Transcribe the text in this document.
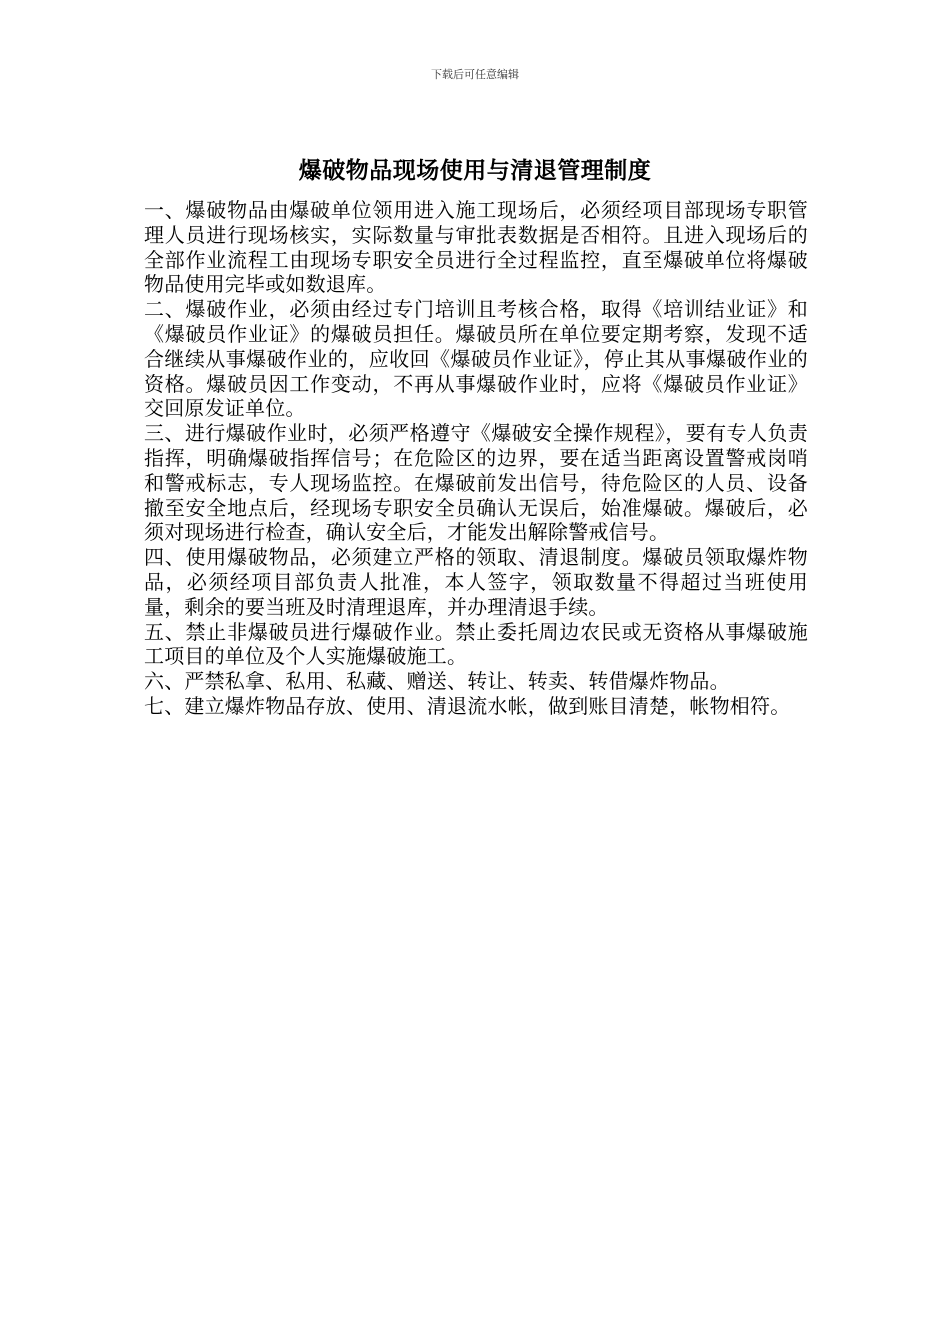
下载后可任意编辑
爆破物品现场使用与清退管理制度

一、爆破物品由爆破单位领用进入施工现场后，必须经项目部现场专职管理人员进行现场核实，实际数量与审批表数据是否相符。且进入现场后的全部作业流程工由现场专职安全员进行全过程监控，直至爆破单位将爆破物品使用完毕或如数退库。

二、爆破作业，必须由经过专门培训且考核合格，取得《培训结业证》和《爆破员作业证》的爆破员担任。爆破员所在单位要定期考察，发现不适合继续从事爆破作业的，应收回《爆破员作业证》，停止其从事爆破作业的资格。爆破员因工作变动，不再从事爆破作业时，应将《爆破员作业证》交回原发证单位。

三、进行爆破作业时，必须严格遵守《爆破安全操作规程》，要有专人负责指挥，明确爆破指挥信号；在危险区的边界，要在适当距离设置警戒岗哨和警戒标志，专人现场监控。在爆破前发出信号，待危险区的人员、设备撤至安全地点后，经现场专职安全员确认无误后，始准爆破。爆破后，必须对现场进行检查，确认安全后，才能发出解除警戒信号。

四、使用爆破物品，必须建立严格的领取、清退制度。爆破员领取爆炸物品，必须经项目部负责人批准，本人签字，领取数量不得超过当班使用量，剩余的要当班及时清理退库，并办理清退手续。

五、禁止非爆破员进行爆破作业。禁止委托周边农民或无资格从事爆破施工项目的单位及个人实施爆破施工。

六、严禁私拿、私用、私藏、赠送、转让、转卖、转借爆炸物品。

七、建立爆炸物品存放、使用、清退流水帐，做到账目清楚，帐物相符。
